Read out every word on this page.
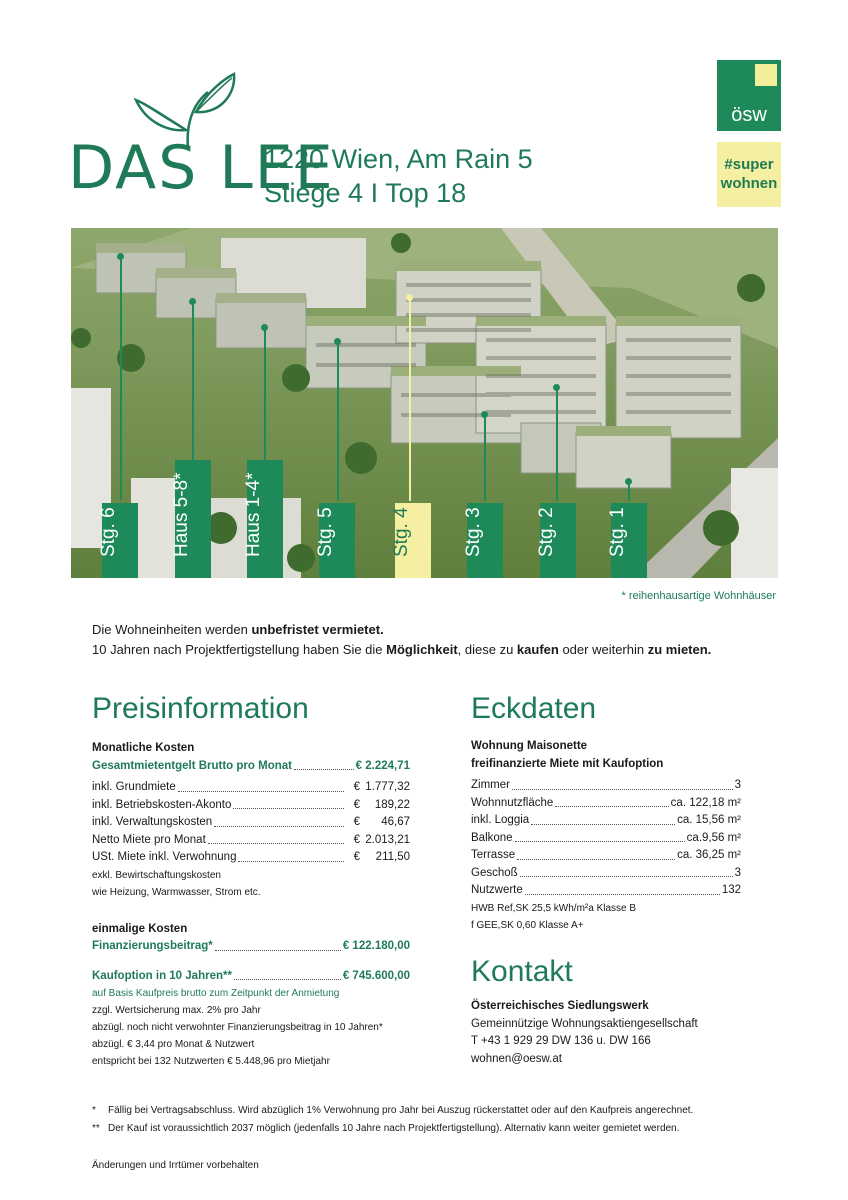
DAS LEE
1220 Wien, Am Rain 5
Stiege 4 I Top 18
ösw
#super
wohnen
Stg. 6	Haus 5-8*	Haus 1-4*	Stg. 5	Stg. 4	Stg. 3	Stg. 2	Stg. 1
* reihenhausartige Wohnhäuser
Die Wohneinheiten werden unbefristet vermietet.
10 Jahren nach Projektfertigstellung haben Sie die Möglichkeit, diese zu kaufen oder weiterhin zu mieten.
Preisinformation
Monatliche Kosten
Gesamtmietentgelt Brutto pro Monat	€ 2.224,71
inkl. Grundmiete	€ 1.777,32
inkl. Betriebskosten-Akonto	€ 189,22
inkl. Verwaltungskosten	€ 46,67
Netto Miete pro Monat	€ 2.013,21
USt. Miete inkl. Verwohnung	€ 211,50
exkl. Bewirtschaftungskosten
wie Heizung, Warmwasser, Strom etc.
einmalige Kosten
Finanzierungsbeitrag*	€ 122.180,00
Kaufoption in 10 Jahren**	€ 745.600,00
auf Basis Kaufpreis brutto zum Zeitpunkt der Anmietung
zzgl. Wertsicherung max. 2% pro Jahr
abzügl. noch nicht verwohnter Finanzierungsbeitrag in 10 Jahren*
abzügl. € 3,44 pro Monat & Nutzwert
entspricht bei 132 Nutzwerten € 5.448,96 pro Mietjahr
Eckdaten
Wohnung Maisonette
freifinanzierte Miete mit Kaufoption
Zimmer	3
Wohnnutzfläche	ca. 122,18 m²
inkl. Loggia	ca. 15,56 m²
Balkone	ca.9,56 m²
Terrasse	ca. 36,25 m²
Geschoß	3
Nutzwerte	132
HWB Ref,SK 25,5 kWh/m²a Klasse B
f GEE,SK 0,60 Klasse A+
Kontakt
Österreichisches Siedlungswerk
Gemeinnützige Wohnungsaktiengesellschaft
T +43 1 929 29 DW 136 u. DW 166
wohnen@oesw.at
*	Fällig bei Vertragsabschluss. Wird abzüglich 1% Verwohnung pro Jahr bei Auszug rückerstattet oder auf den Kaufpreis angerechnet.
** Der Kauf ist voraussichtlich 2037 möglich (jedenfalls 10 Jahre nach Projektfertigstellung). Alternativ kann weiter gemietet werden.
Änderungen und Irrtümer vorbehalten
